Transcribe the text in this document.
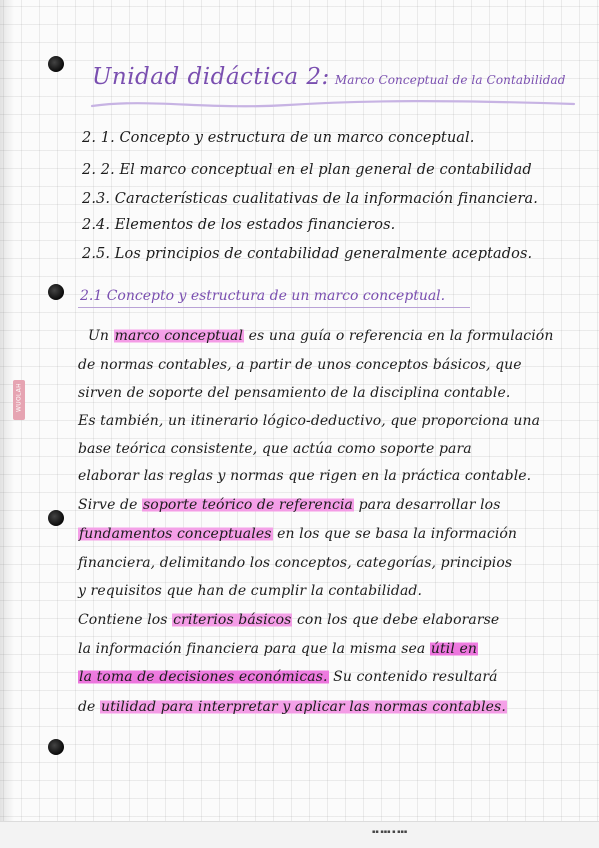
WUOLAH
Unidad didáctica 2: Marco Conceptual de la Contabilidad
2. 1. Concepto y estructura de un marco conceptual.
2. 2. El marco conceptual en el plan general de contabilidad
2.3. Características cualitativas de la información financiera.
2.4. Elementos de los estados financieros.
2.5. Los principios de contabilidad generalmente aceptados.
2.1 Concepto y estructura de un marco conceptual.
Un marco conceptual es una guía o referencia en la formulación
de normas contables, a partir de unos conceptos básicos, que
sirven de soporte del pensamiento de la disciplina contable.
Es también, un itinerario lógico-deductivo, que proporciona una
base teórica consistente, que actúa como soporte para
elaborar las reglas y normas que rigen en la práctica contable.
Sirve de soporte teórico de referencia para desarrollar los
fundamentos conceptuales en los que se basa la información
financiera, delimitando los conceptos, categorías, principios
y requisitos que han de cumplir la contabilidad.
Contiene los criterios básicos con los que debe elaborarse
la información financiera para que la misma sea útil en
la toma de decisiones económicas. Su contenido resultará
de utilidad para interpretar y aplicar las normas contables.
▪▪ ▪▪▪ ▪ ▪▪▪
